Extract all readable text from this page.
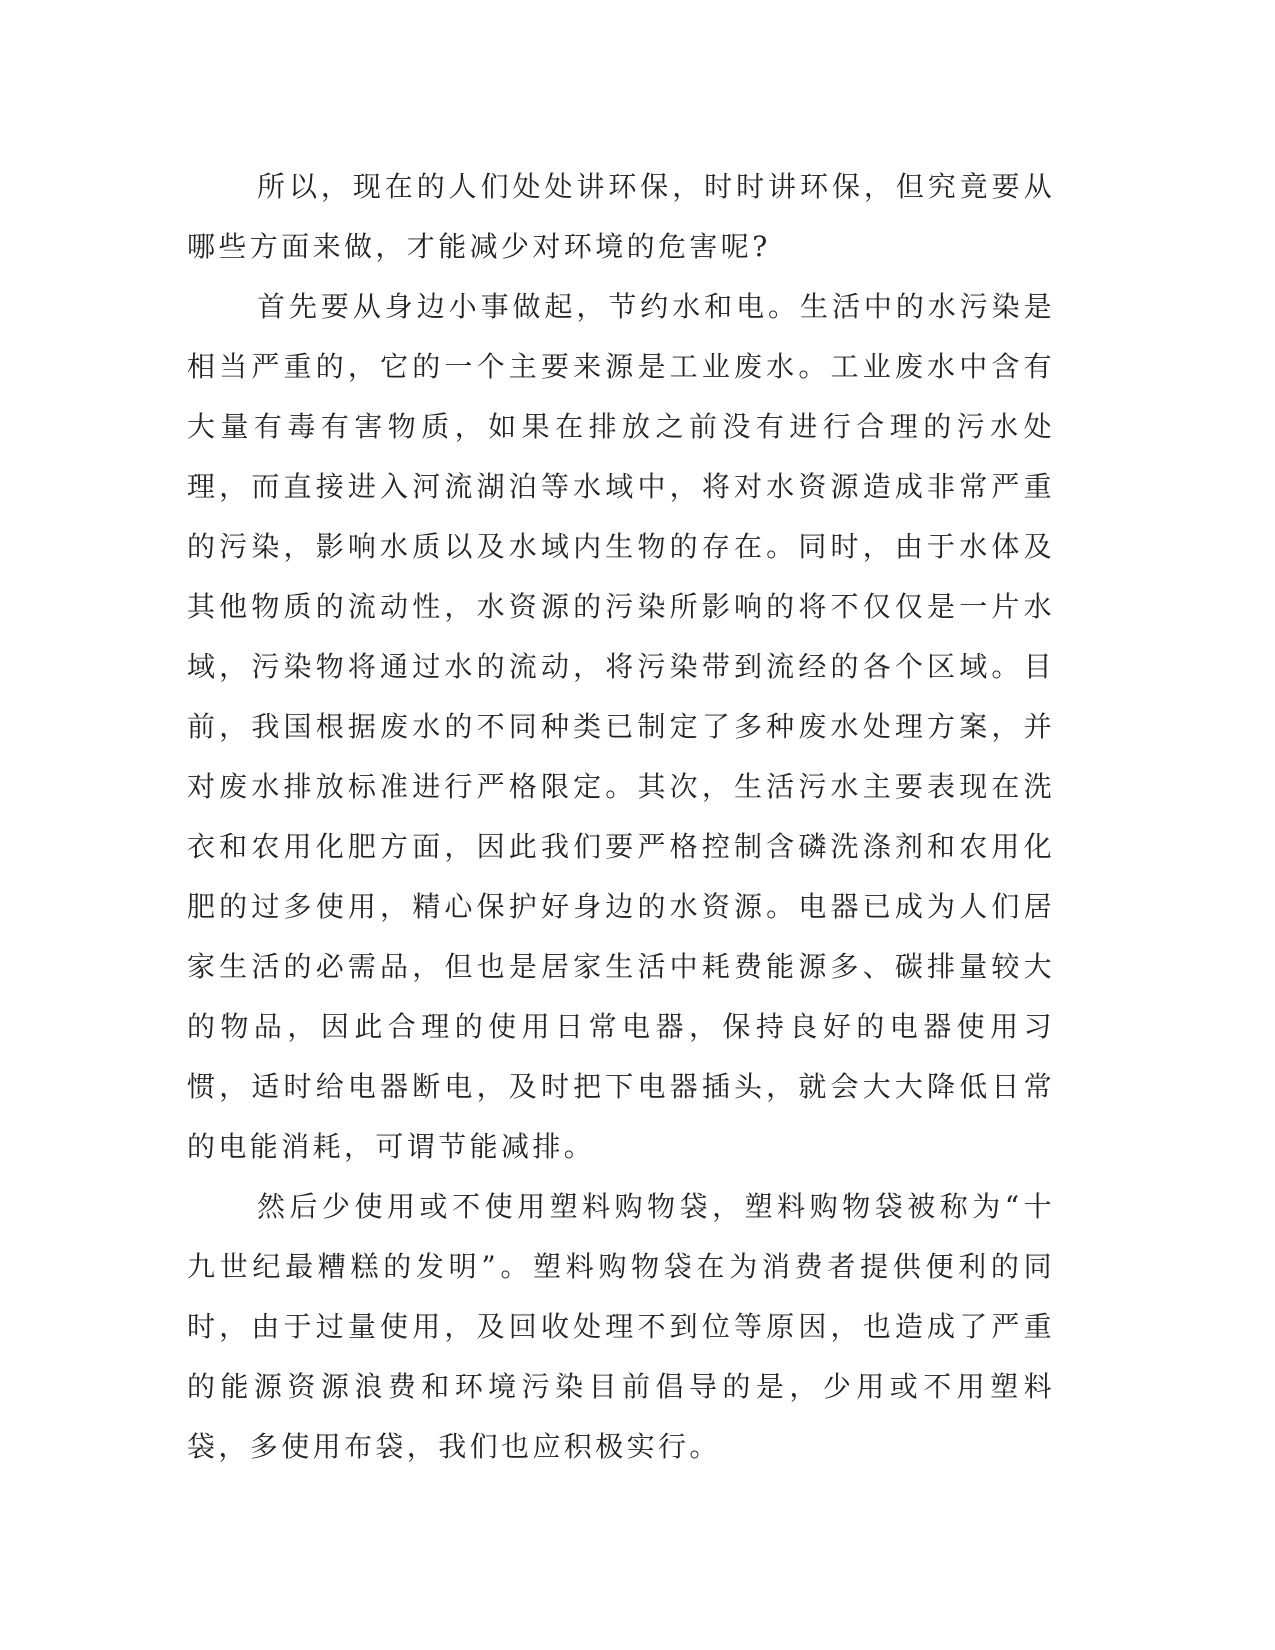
所以，现在的人们处处讲环保，时时讲环保，但究竟要从哪些方面来做，才能减少对环境的危害呢?

首先要从身边小事做起，节约水和电。生活中的水污染是相当严重的，它的一个主要来源是工业废水。工业废水中含有大量有毒有害物质，如果在排放之前没有进行合理的污水处理，而直接进入河流湖泊等水域中，将对水资源造成非常严重的污染，影响水质以及水域内生物的存在。同时，由于水体及其他物质的流动性，水资源的污染所影响的将不仅仅是一片水域，污染物将通过水的流动，将污染带到流经的各个区域。目前，我国根据废水的不同种类已制定了多种废水处理方案，并对废水排放标准进行严格限定。其次，生活污水主要表现在洗衣和农用化肥方面，因此我们要严格控制含磷洗涤剂和农用化肥的过多使用，精心保护好身边的水资源。电器已成为人们居家生活的必需品，但也是居家生活中耗费能源多、碳排量较大的物品，因此合理的使用日常电器，保持良好的电器使用习惯，适时给电器断电，及时把下电器插头，就会大大降低日常的电能消耗，可谓节能减排。

然后少使用或不使用塑料购物袋，塑料购物袋被称为“十九世纪最糟糕的发明”。塑料购物袋在为消费者提供便利的同时，由于过量使用，及回收处理不到位等原因，也造成了严重的能源资源浪费和环境污染目前倡导的是，少用或不用塑料袋，多使用布袋，我们也应积极实行。
